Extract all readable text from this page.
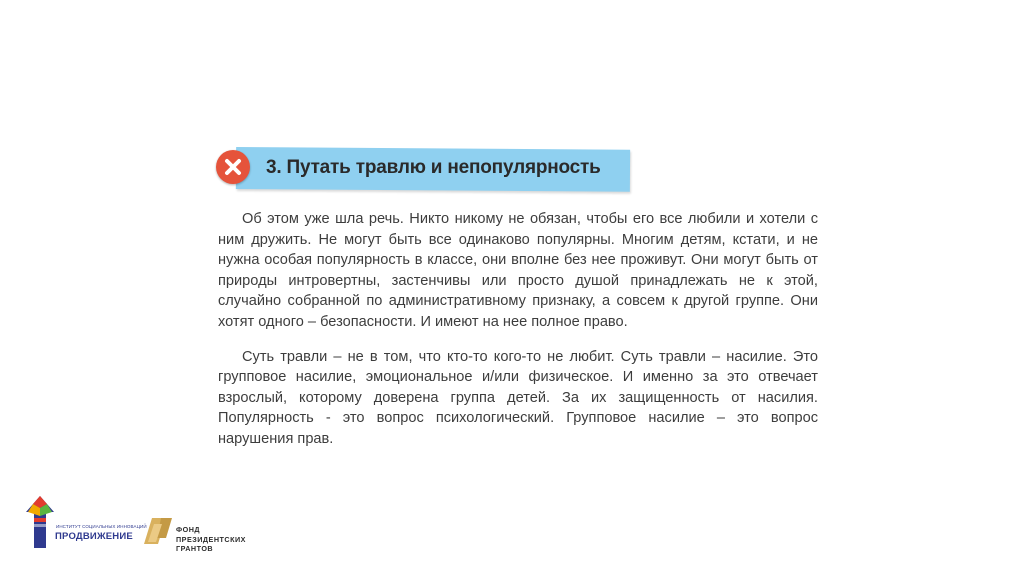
3. Путать травлю и непопулярность

Об этом уже шла речь. Никто никому не обязан, чтобы его все любили и хотели с ним дружить. Не могут быть все одинаково популярны. Многим детям, кстати, и не нужна особая популярность в классе, они вполне без нее проживут. Они могут быть от природы интровертны, застенчивы или просто душой принадлежать не к этой, случайно собранной по административному признаку, а совсем к другой группе. Они хотят одного – безопасности. И имеют на нее полное право.

Суть травли – не в том, что кто-то кого-то не любит. Суть травли – насилие. Это групповое насилие, эмоциональное и/или физическое. И именно за это отвечает взрослый, которому доверена группа детей. За их защищенность от насилия. Популярность - это вопрос психологический. Групповое насилие – это вопрос нарушения прав.

ИНСТИТУТ СОЦИАЛЬНЫХ ИННОВАЦИЙ
ПРОДВИЖЕНИЕ
ФОНД
ПРЕЗИДЕНТСКИХ
ГРАНТОВ
